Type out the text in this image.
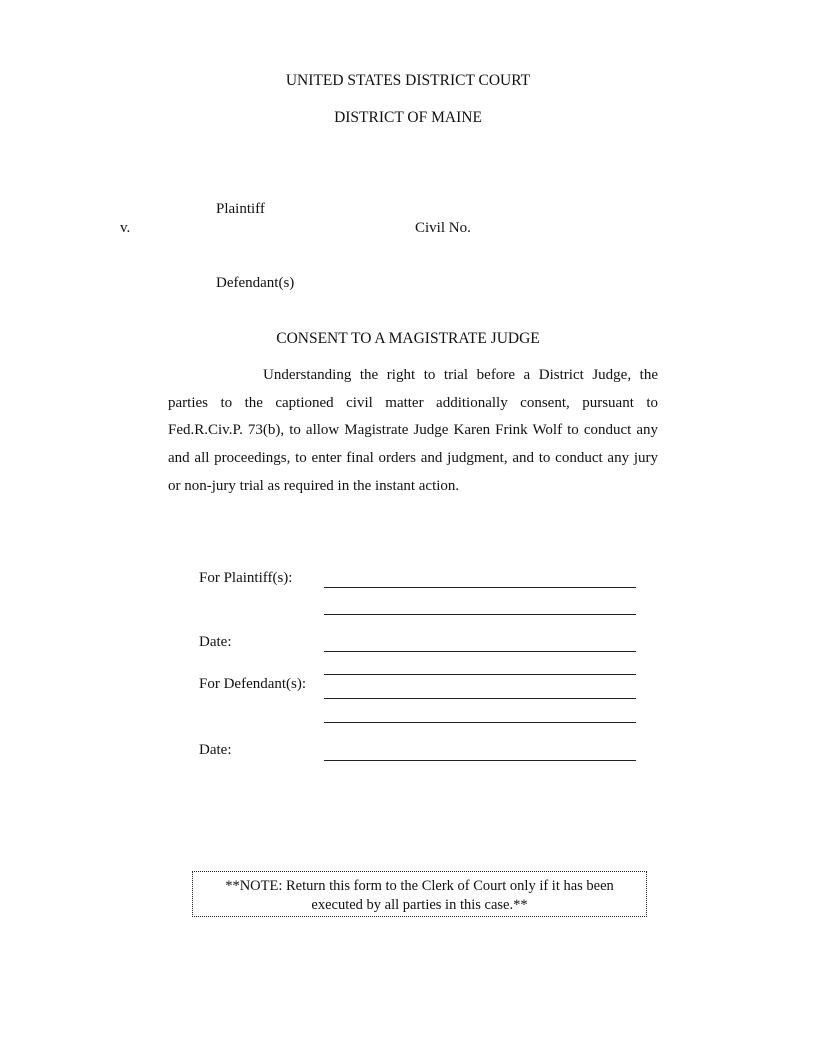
UNITED STATES DISTRICT COURT
DISTRICT OF MAINE
Plaintiff
v.	Civil No.
Defendant(s)
CONSENT TO A MAGISTRATE JUDGE

Understanding the right to trial before a District Judge, the parties to the captioned civil matter additionally consent, pursuant to Fed.R.Civ.P. 73(b), to allow Magistrate Judge Karen Frink Wolf to conduct any and all proceedings, to enter final orders and judgment, and to conduct any jury or non-jury trial as required in the instant action.

For Plaintiff(s):
Date:
For Defendant(s):
Date:
**NOTE: Return this form to the Clerk of Court only if it has been
executed by all parties in this case.**
